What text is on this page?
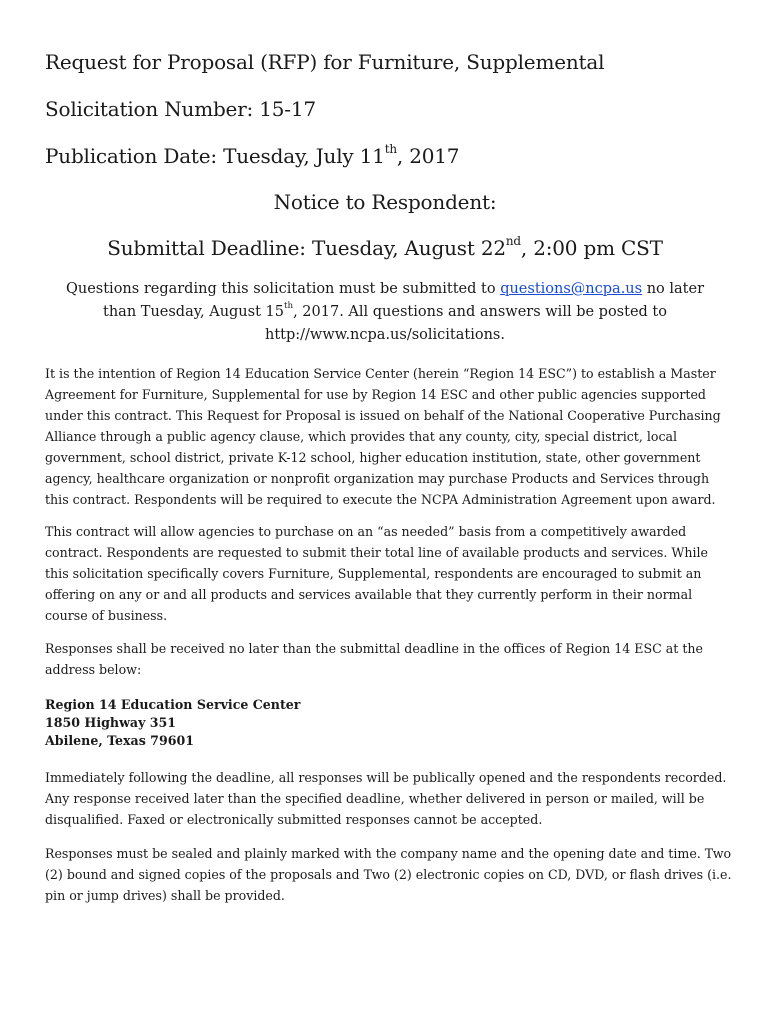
Request for Proposal (RFP) for Furniture, Supplemental
Solicitation Number: 15-17
Publication Date: Tuesday, July 11th, 2017
Notice to Respondent:
Submittal Deadline: Tuesday, August 22nd, 2:00 pm CST
Questions regarding this solicitation must be submitted to questions@ncpa.us no later than Tuesday, August 15th, 2017. All questions and answers will be posted to http://www.ncpa.us/solicitations.

It is the intention of Region 14 Education Service Center (herein “Region 14 ESC”) to establish a Master Agreement for Furniture, Supplemental for use by Region 14 ESC and other public agencies supported under this contract. This Request for Proposal is issued on behalf of the National Cooperative Purchasing Alliance through a public agency clause, which provides that any county, city, special district, local government, school district, private K-12 school, higher education institution, state, other government agency, healthcare organization or nonprofit organization may purchase Products and Services through this contract. Respondents will be required to execute the NCPA Administration Agreement upon award.

This contract will allow agencies to purchase on an “as needed” basis from a competitively awarded contract. Respondents are requested to submit their total line of available products and services. While this solicitation specifically covers Furniture, Supplemental, respondents are encouraged to submit an offering on any or and all products and services available that they currently perform in their normal course of business.

Responses shall be received no later than the submittal deadline in the offices of Region 14 ESC at the address below:

Region 14 Education Service Center
1850 Highway 351
Abilene, Texas 79601

Immediately following the deadline, all responses will be publically opened and the respondents recorded. Any response received later than the specified deadline, whether delivered in person or mailed, will be disqualified. Faxed or electronically submitted responses cannot be accepted.

Responses must be sealed and plainly marked with the company name and the opening date and time. Two (2) bound and signed copies of the proposals and Two (2) electronic copies on CD, DVD, or flash drives (i.e. pin or jump drives) shall be provided.
